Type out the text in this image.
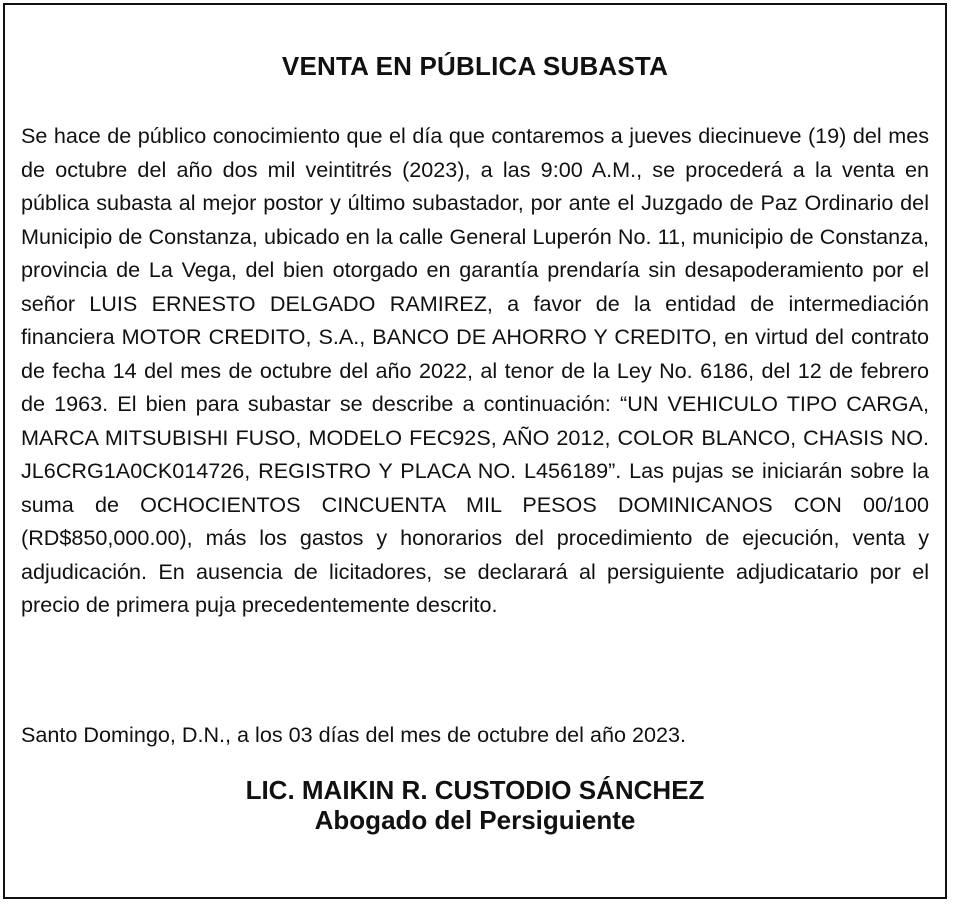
VENTA EN PÚBLICA SUBASTA

Se hace de público conocimiento que el día que contaremos a jueves diecinueve (19) del mes de octubre del año dos mil veintitrés (2023), a las 9:00 A.M., se procederá a la venta en pública subasta al mejor postor y último subastador, por ante el Juzgado de Paz Ordinario del Municipio de Constanza, ubicado en la calle General Luperón No. 11, municipio de Constanza, provincia de La Vega, del bien otorgado en garantía prendaría sin desapoderamiento por el señor LUIS ERNESTO DELGADO RAMIREZ, a favor de la entidad de intermediación financiera MOTOR CREDITO, S.A., BANCO DE AHORRO Y CREDITO, en virtud del contrato de fecha 14 del mes de octubre del año 2022, al tenor de la Ley No. 6186, del 12 de febrero de 1963. El bien para subastar se describe a continuación: “UN VEHICULO TIPO CARGA, MARCA MITSUBISHI FUSO, MODELO FEC92S, AÑO 2012, COLOR BLANCO, CHASIS NO. JL6CRG1A0CK014726, REGISTRO Y PLACA NO. L456189”. Las pujas se iniciarán sobre la suma de OCHOCIENTOS CINCUENTA MIL PESOS DOMINICANOS CON 00/100 (RD$850,000.00), más los gastos y honorarios del procedimiento de ejecución, venta y adjudicación. En ausencia de licitadores, se declarará al persiguiente adjudicatario por el precio de primera puja precedentemente descrito.

Santo Domingo, D.N., a los 03 días del mes de octubre del año 2023.

LIC. MAIKIN R. CUSTODIO SÁNCHEZ
Abogado del Persiguiente
